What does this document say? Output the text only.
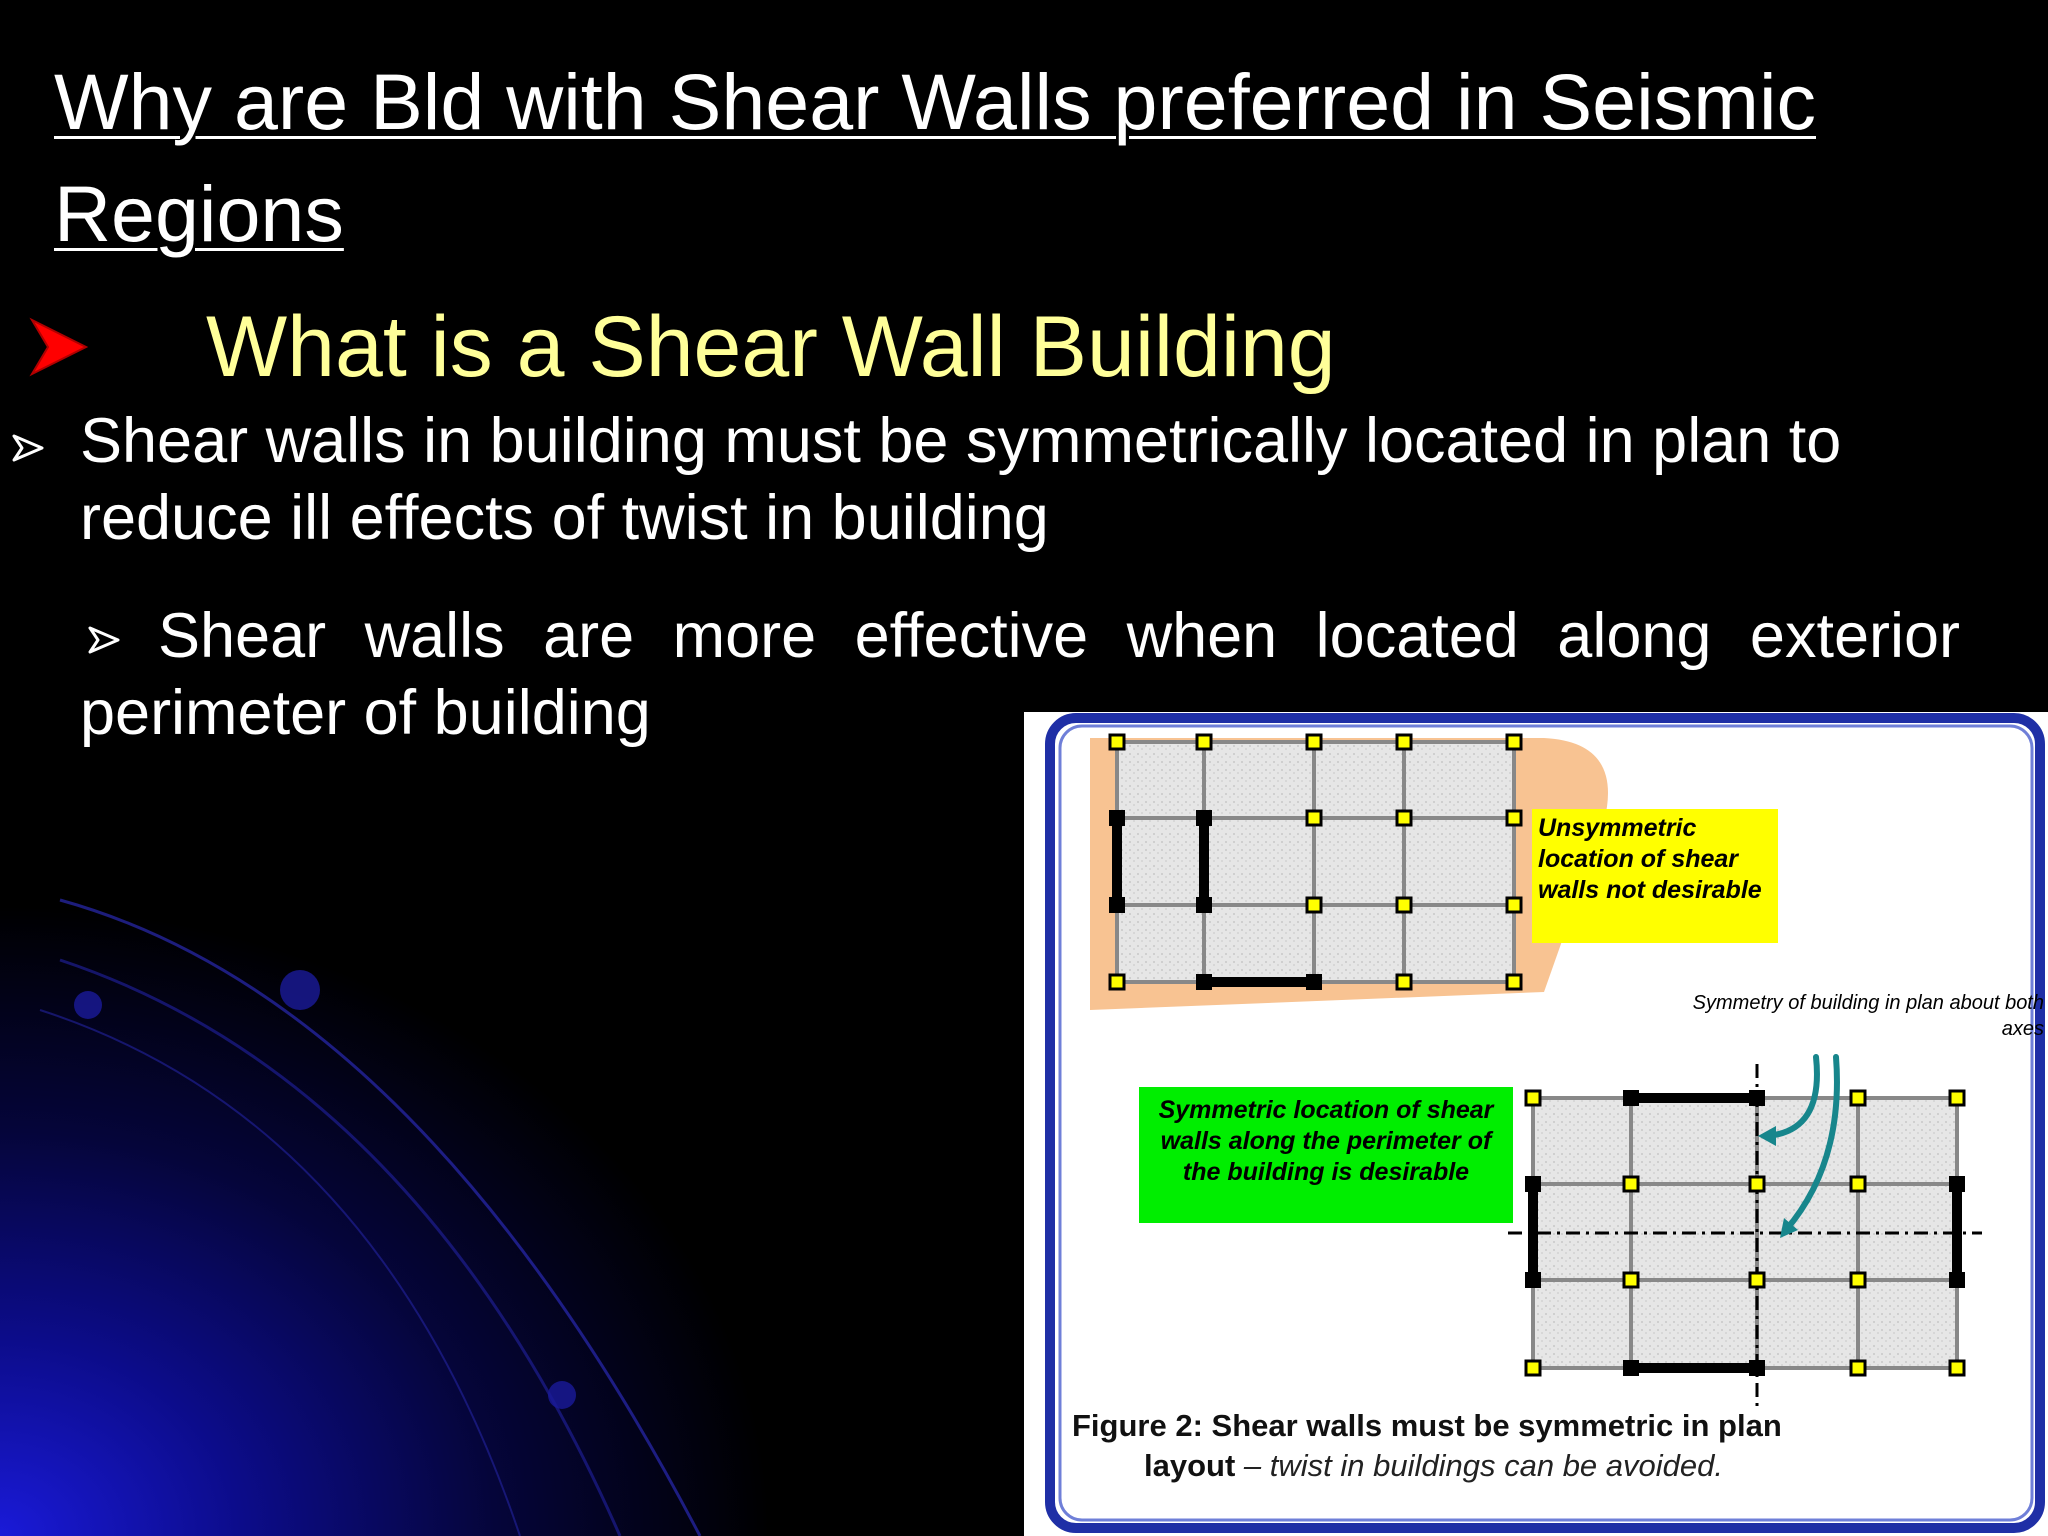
Why are Bld with Shear Walls preferred in Seismic Regions
What is a Shear Wall Building
Shear walls in building must be symmetrically located in plan to reduce ill effects of twist in building
Shear walls are more effective when located along exterior perimeter of building
Unsymmetric location of shear walls not desirable
Symmetry of building in plan about both axes
Symmetric location of shear walls along the perimeter of the building is desirable
Figure 2: Shear walls must be symmetric in plan
layout – twist in buildings can be avoided.
